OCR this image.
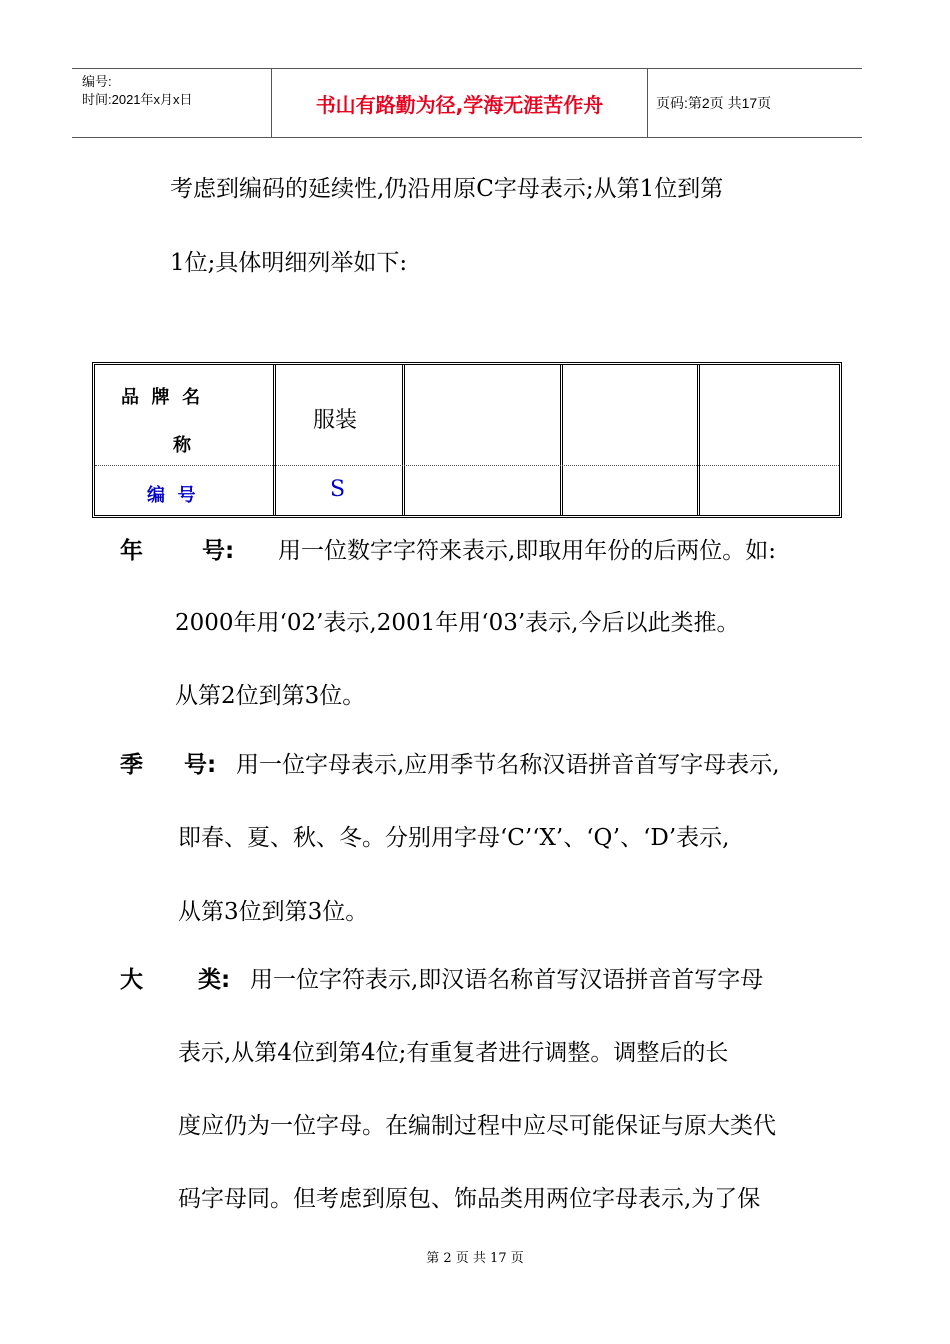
编号:
时间:2021年x月x日	书山有路勤为径,学海无涯苦作舟	页码:第2页 共17页
考虑到编码的延续性,仍沿用原C字母表示;从第1位到第
1位;具体明细列举如下:
品  牌  名
称
服装
编  号	S
年	号: 用一位数字字符来表示,即取用年份的后两位。如:
2000年用‘02’表示,2001年用‘03’表示,今后以此类推。
从第2位到第3位。
季 号: 用一位字母表示,应用季节名称汉语拼音首写字母表示,
即春、夏、秋、冬。分别用字母‘C’‘X’、‘Q’、‘D’表示,
从第3位到第3位。
大 类: 用一位字符表示,即汉语名称首写汉语拼音首写字母
表示,从第4位到第4位;有重复者进行调整。调整后的长
度应仍为一位字母。在编制过程中应尽可能保证与原大类代
码字母同。但考虑到原包、饰品类用两位字母表示,为了保
第 2 页 共 17 页
